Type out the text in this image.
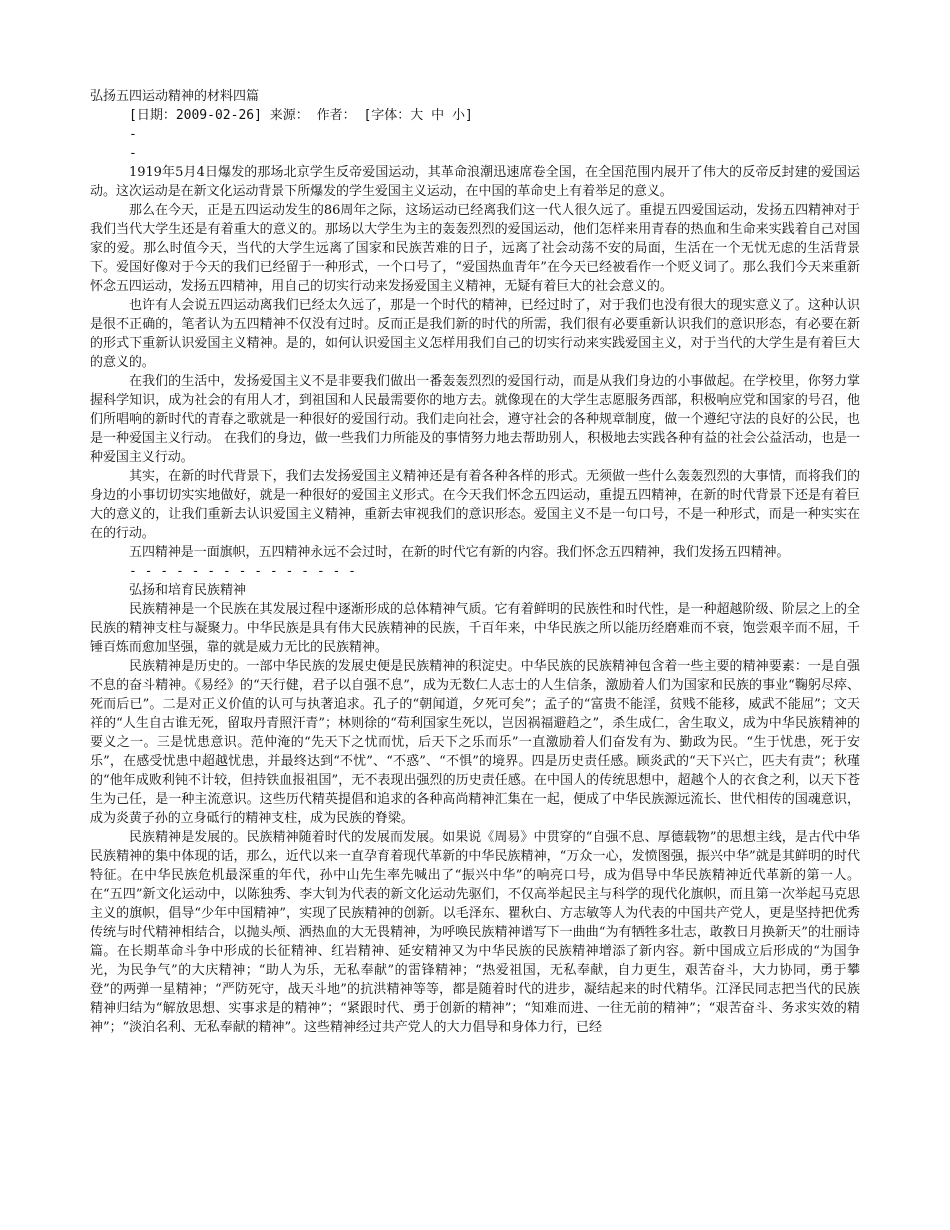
弘扬五四运动精神的材料四篇
[日期：2009-02-26] 来源： 作者： [字体：大 中 小]
-
-

1919年5月4日爆发的那场北京学生反帝爱国运动，其革命浪潮迅速席卷全国，在全国范围内展开了伟大的反帝反封建的爱国运动。这次运动是在新文化运动背景下所爆发的学生爱国主义运动，在中国的革命史上有着举足的意义。

那么在今天，正是五四运动发生的86周年之际，这场运动已经离我们这一代人很久远了。重提五四爱国运动，发扬五四精神对于我们当代大学生还是有着重大的意义的。那场以大学生为主的轰轰烈烈的爱国运动，他们怎样来用青春的热血和生命来实践着自己对国家的爱。那么时值今天，当代的大学生远离了国家和民族苦难的日子，远离了社会动荡不安的局面，生活在一个无忧无虑的生活背景下。爱国好像对于今天的我们已经留于一种形式，一个口号了，“爱国热血青年”在今天已经被看作一个贬义词了。那么我们今天来重新怀念五四运动，发扬五四精神，用自己的切实行动来发扬爱国主义精神，无疑有着巨大的社会意义的。

也许有人会说五四运动离我们已经太久远了，那是一个时代的精神，已经过时了，对于我们也没有很大的现实意义了。这种认识是很不正确的，笔者认为五四精神不仅没有过时。反而正是我们新的时代的所需，我们很有必要重新认识我们的意识形态，有必要在新的形式下重新认识爱国主义精神。是的，如何认识爱国主义怎样用我们自己的切实行动来实践爱国主义，对于当代的大学生是有着巨大的意义的。

在我们的生活中，发扬爱国主义不是非要我们做出一番轰轰烈烈的爱国行动，而是从我们身边的小事做起。在学校里，你努力掌握科学知识，成为社会的有用人才，到祖国和人民最需要你的地方去。就像现在的大学生志愿服务西部，积极响应党和国家的号召，他们所唱响的新时代的青春之歌就是一种很好的爱国行动。我们走向社会，遵守社会的各种规章制度，做一个遵纪守法的良好的公民，也是一种爱国主义行动。 在我们的身边，做一些我们力所能及的事情努力地去帮助别人，积极地去实践各种有益的社会公益活动，也是一种爱国主义行动。

其实，在新的时代背景下，我们去发扬爱国主义精神还是有着各种各样的形式。无须做一些什么轰轰烈烈的大事情，而将我们的身边的小事切切实实地做好，就是一种很好的爱国主义形式。在今天我们怀念五四运动，重提五四精神，在新的时代背景下还是有着巨大的意义的，让我们重新去认识爱国主义精神，重新去审视我们的意识形态。爱国主义不是一句口号，不是一种形式，而是一种实实在在的行动。

五四精神是一面旗帜，五四精神永远不会过时，在新的时代它有新的内容。我们怀念五四精神，我们发扬五四精神。

- - - - - - - - - - - - - - -
弘扬和培育民族精神

民族精神是一个民族在其发展过程中逐渐形成的总体精神气质。它有着鲜明的民族性和时代性，是一种超越阶级、阶层之上的全民族的精神支柱与凝聚力。中华民族是具有伟大民族精神的民族，千百年来，中华民族之所以能历经磨难而不衰，饱尝艰辛而不屈，千锤百炼而愈加坚强，靠的就是威力无比的民族精神。

民族精神是历史的。一部中华民族的发展史便是民族精神的积淀史。中华民族的民族精神包含着一些主要的精神要素：一是自强不息的奋斗精神。《易经》的“天行健，君子以自强不息”，成为无数仁人志士的人生信条，激励着人们为国家和民族的事业“鞠躬尽瘁、死而后已”。二是对正义价值的认可与执著追求。孔子的“朝闻道，夕死可矣”；孟子的“富贵不能淫，贫贱不能移，威武不能屈”；文天祥的“人生自古谁无死，留取丹青照汗青”；林则徐的“苟利国家生死以，岂因祸福避趋之”，杀生成仁，舍生取义，成为中华民族精神的要义之一。三是忧患意识。范仲淹的“先天下之忧而忧，后天下之乐而乐”一直激励着人们奋发有为、勤政为民。“生于忧患，死于安乐”，在感受忧患中超越忧患，并最终达到“不忧”、“不惑”、“不惧”的境界。四是历史责任感。顾炎武的“天下兴亡，匹夫有责”；秋瑾的“他年成败利钝不计较，但持铁血报祖国”，无不表现出强烈的历史责任感。在中国人的传统思想中，超越个人的衣食之利，以天下苍生为己任，是一种主流意识。这些历代精英提倡和追求的各种高尚精神汇集在一起，便成了中华民族源远流长、世代相传的国魂意识，成为炎黄子孙的立身砥行的精神支柱，成为民族的脊梁。

民族精神是发展的。民族精神随着时代的发展而发展。如果说《周易》中贯穿的“自强不息、厚德载物”的思想主线，是古代中华民族精神的集中体现的话，那么，近代以来一直孕育着现代革新的中华民族精神，“万众一心，发愤图强，振兴中华”就是其鲜明的时代特征。在中华民族危机最深重的年代，孙中山先生率先喊出了“振兴中华”的响亮口号，成为倡导中华民族精神近代革新的第一人。在“五四”新文化运动中，以陈独秀、李大钊为代表的新文化运动先驱们，不仅高举起民主与科学的现代化旗帜，而且第一次举起马克思主义的旗帜，倡导“少年中国精神”，实现了民族精神的创新。以毛泽东、瞿秋白、方志敏等人为代表的中国共产党人，更是坚持把优秀传统与时代精神相结合，以抛头颅、洒热血的大无畏精神，为呼唤民族精神谱写下一曲曲“为有牺牲多壮志，敢教日月换新天”的壮丽诗篇。在长期革命斗争中形成的长征精神、红岩精神、延安精神又为中华民族的民族精神增添了新内容。新中国成立后形成的“为国争光，为民争气”的大庆精神；“助人为乐，无私奉献”的雷锋精神；“热爱祖国，无私奉献，自力更生，艰苦奋斗，大力协同，勇于攀登”的两弹一星精神；“严防死守，战天斗地”的抗洪精神等等，都是随着时代的进步，凝结起来的时代精华。江泽民同志把当代的民族精神归结为“解放思想、实事求是的精神”；“紧跟时代、勇于创新的精神”；“知难而进、一往无前的精神”；“艰苦奋斗、务求实效的精神”；“淡泊名利、无私奉献的精神”。这些精神经过共产党人的大力倡导和身体力行，已经
